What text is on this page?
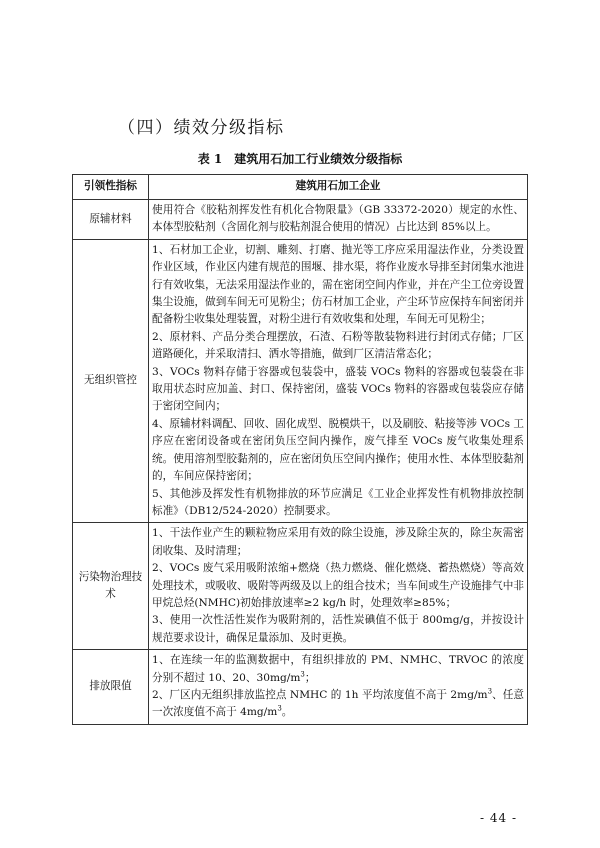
（四）绩效分级指标
表 1　建筑用石加工行业绩效分级指标
引领性指标	建筑用石加工企业
原辅材料	使用符合《胶粘剂挥发性有机化合物限量》（GB 33372-2020）规定的水性、本体型胶粘剂（含固化剂与胶粘剂混合使用的情况）占比达到 85%以上。

无组织管控	1、石材加工企业，切割、雕刻、打磨、抛光等工序应采用湿法作业，分类设置作业区域，作业区内建有规范的围堰、排水渠，将作业废水导排至封闭集水池进行有效收集，无法采用湿法作业的，需在密闭空间内作业，并在产尘工位旁设置集尘设施，做到车间无可见粉尘；仿石材加工企业，产尘环节应保持车间密闭并配备粉尘收集处理装置，对粉尘进行有效收集和处理，车间无可见粉尘；
2、原材料、产品分类合理摆放，石渣、石粉等散装物料进行封闭式存储；厂区道路硬化，并采取清扫、洒水等措施，做到厂区清洁常态化；
3、VOCs 物料存储于容器或包装袋中，盛装 VOCs 物料的容器或包装袋在非取用状态时应加盖、封口、保持密闭，盛装 VOCs 物料的容器或包装袋应存储于密闭空间内；
4、原辅材料调配、回收、固化成型、脱模烘干，以及刷胶、粘接等涉 VOCs 工序应在密闭设备或在密闭负压空间内操作，废气排至 VOCs 废气收集处理系统。使用溶剂型胶黏剂的，应在密闭负压空间内操作；使用水性、本体型胶黏剂的，车间应保持密闭；
5、其他涉及挥发性有机物排放的环节应满足《工业企业挥发性有机物排放控制标准》（DB12/524-2020）控制要求。

污染物治理技术	1、干法作业产生的颗粒物应采用有效的除尘设施，涉及除尘灰的，除尘灰需密闭收集、及时清理；
2、VOCs 废气采用吸附浓缩+燃烧（热力燃烧、催化燃烧、蓄热燃烧）等高效处理技术，或吸收、吸附等两级及以上的组合技术；当车间或生产设施排气中非甲烷总烃(NMHC)初始排放速率≥2 kg/h 时，处理效率≥85%；
3、使用一次性活性炭作为吸附剂的，活性炭碘值不低于 800mg/g，并按设计规范要求设计，确保足量添加、及时更换。

排放限值	1、在连续一年的监测数据中，有组织排放的 PM、NMHC、TRVOC 的浓度分别不超过 10、20、$30mg/m^3$；
2、厂区内无组织排放监控点 NMHC 的 1h 平均浓度值不高于 $2mg/m^3$、任意一次浓度值不高于 $4mg/m^3$。
- 44 -
